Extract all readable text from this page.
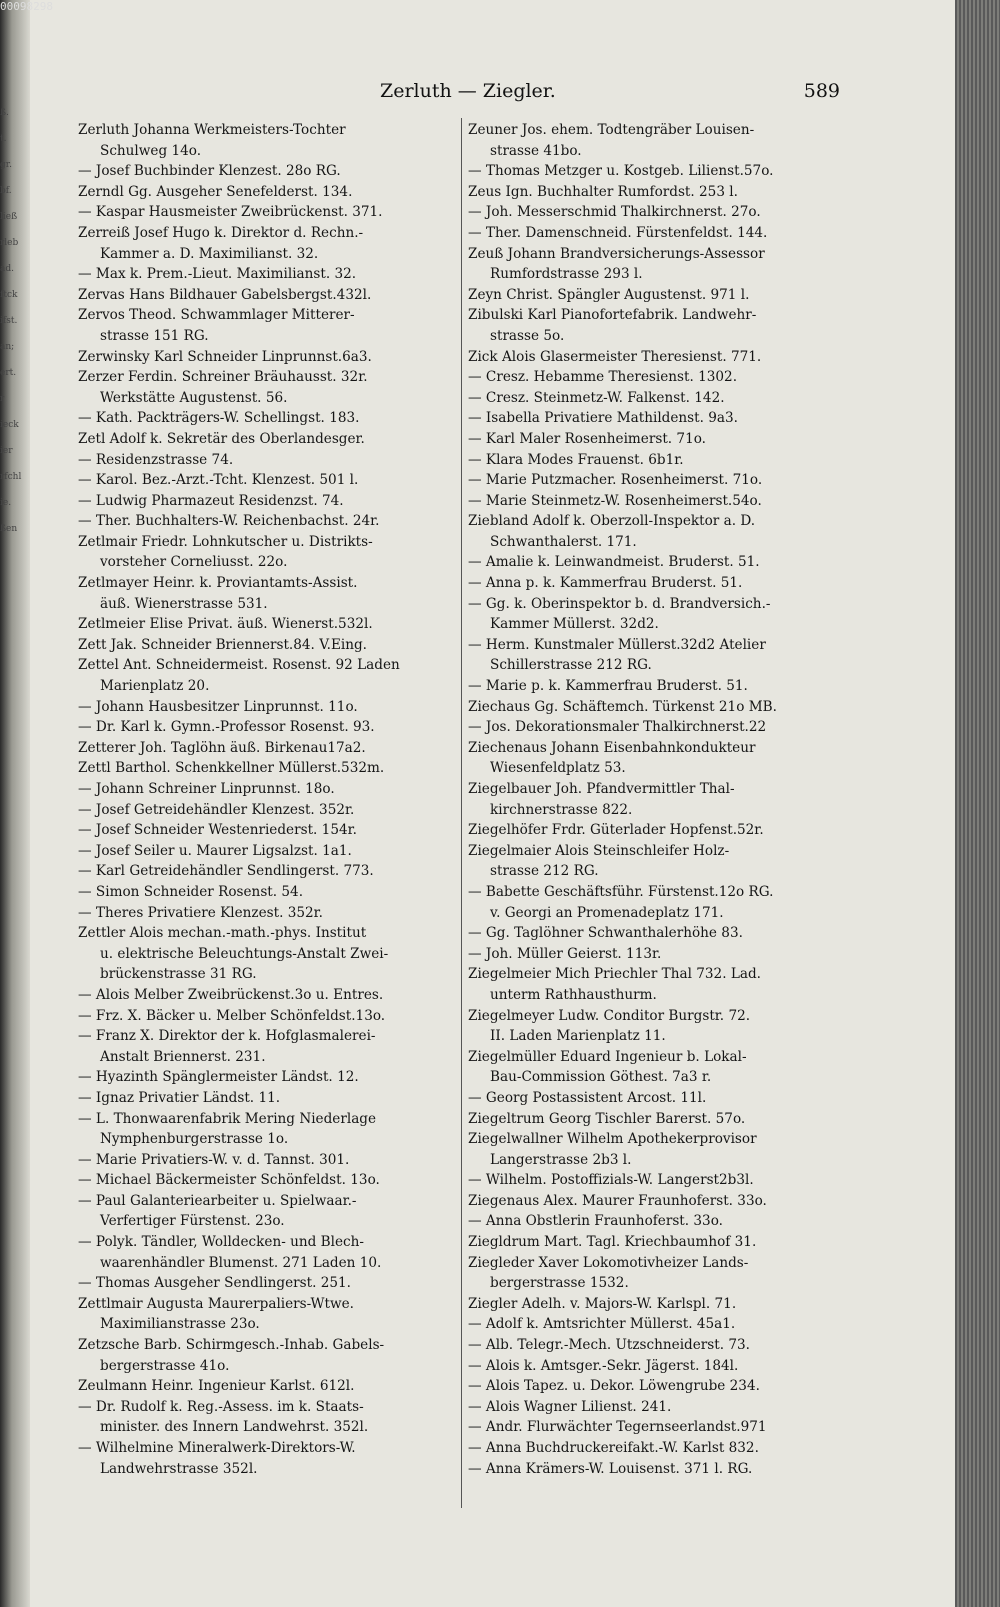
ß.
t.
gr.
bf.
ließ
rleb
ad.
ftck
ifst.
an;
ert.
r
ieck
ier
rfchl
ie.
ßen
00098298
Zerluth — Ziegler.	589
Zerluth Johanna Werkmeisters-Tochter
Schulweg 14o.
— Josef Buchbinder Klenzest. 28o RG.
Zerndl Gg. Ausgeher Senefelderst. 134.
— Kaspar Hausmeister Zweibrückenst. 371.
Zerreiß Josef Hugo k. Direktor d. Rechn.-
Kammer a. D. Maximilianst. 32.
— Max k. Prem.-Lieut. Maximilianst. 32.
Zervas Hans Bildhauer Gabelsbergst.432l.
Zervos Theod. Schwammlager Mitterer-
strasse 151 RG.
Zerwinsky Karl Schneider Linprunnst.6a3.
Zerzer Ferdin. Schreiner Bräuhausst. 32r.
Werkstätte Augustenst. 56.
— Kath. Packträgers-W. Schellingst. 183.
Zetl Adolf k. Sekretär des Oberlandesger.
— Residenzstrasse 74.
— Karol. Bez.-Arzt.-Tcht. Klenzest. 501 l.
— Ludwig Pharmazeut Residenzst. 74.
— Ther. Buchhalters-W. Reichenbachst. 24r.
Zetlmair Friedr. Lohnkutscher u. Distrikts-
vorsteher Corneliusst. 22o.
Zetlmayer Heinr. k. Proviantamts-Assist.
äuß. Wienerstrasse 531.
Zetlmeier Elise Privat. äuß. Wienerst.532l.
Zett Jak. Schneider Briennerst.84. V.Eing.
Zettel Ant. Schneidermeist. Rosenst. 92 Laden
Marienplatz 20.
— Johann Hausbesitzer Linprunnst. 11o.
— Dr. Karl k. Gymn.-Professor Rosenst. 93.
Zetterer Joh. Taglöhn äuß. Birkenau17a2.
Zettl Barthol. Schenkkellner Müllerst.532m.
— Johann Schreiner Linprunnst. 18o.
— Josef Getreidehändler Klenzest. 352r.
— Josef Schneider Westenriederst. 154r.
— Josef Seiler u. Maurer Ligsalzst. 1a1.
— Karl Getreidehändler Sendlingerst. 773.
— Simon Schneider Rosenst. 54.
— Theres Privatiere Klenzest. 352r.
Zettler Alois mechan.-math.-phys. Institut
u. elektrische Beleuchtungs-Anstalt Zwei-
brückenstrasse 31 RG.
— Alois Melber Zweibrückenst.3o u. Entres.
— Frz. X. Bäcker u. Melber Schönfeldst.13o.
— Franz X. Direktor der k. Hofglasmalerei-
Anstalt Briennerst. 231.
— Hyazinth Spänglermeister Ländst. 12.
— Ignaz Privatier Ländst. 11.
— L. Thonwaarenfabrik Mering Niederlage
Nymphenburgerstrasse 1o.
— Marie Privatiers-W. v. d. Tannst. 301.
— Michael Bäckermeister Schönfeldst. 13o.
— Paul Galanteriearbeiter u. Spielwaar.-
Verfertiger Fürstenst. 23o.
— Polyk. Tändler, Wolldecken- und Blech-
waarenhändler Blumenst. 271 Laden 10.
— Thomas Ausgeher Sendlingerst. 251.
Zettlmair Augusta Maurerpaliers-Wtwe.
Maximilianstrasse 23o.
Zetzsche Barb. Schirmgesch.-Inhab. Gabels-
bergerstrasse 41o.
Zeulmann Heinr. Ingenieur Karlst. 612l.
— Dr. Rudolf k. Reg.-Assess. im k. Staats-
minister. des Innern Landwehrst. 352l.
— Wilhelmine Mineralwerk-Direktors-W.
Landwehrstrasse 352l.
Zeuner Jos. ehem. Todtengräber Louisen-
strasse 41bo.
— Thomas Metzger u. Kostgeb. Lilienst.57o.
Zeus Ign. Buchhalter Rumfordst. 253 l.
— Joh. Messerschmid Thalkirchnerst. 27o.
— Ther. Damenschneid. Fürstenfeldst. 144.
Zeuß Johann Brandversicherungs-Assessor
Rumfordstrasse 293 l.
Zeyn Christ. Spängler Augustenst. 971 l.
Zibulski Karl Pianofortefabrik. Landwehr-
strasse 5o.
Zick Alois Glasermeister Theresienst. 771.
— Cresz. Hebamme Theresienst. 1302.
— Cresz. Steinmetz-W. Falkenst. 142.
— Isabella Privatiere Mathildenst. 9a3.
— Karl Maler Rosenheimerst. 71o.
— Klara Modes Frauenst. 6b1r.
— Marie Putzmacher. Rosenheimerst. 71o.
— Marie Steinmetz-W. Rosenheimerst.54o.
Ziebland Adolf k. Oberzoll-Inspektor a. D.
Schwanthalerst. 171.
— Amalie k. Leinwandmeist. Bruderst. 51.
— Anna p. k. Kammerfrau Bruderst. 51.
— Gg. k. Oberinspektor b. d. Brandversich.-
Kammer Müllerst. 32d2.
— Herm. Kunstmaler Müllerst.32d2 Atelier
Schillerstrasse 212 RG.
— Marie p. k. Kammerfrau Bruderst. 51.
Ziechaus Gg. Schäftemch. Türkenst 21o MB.
— Jos. Dekorationsmaler Thalkirchnerst.22
Ziechenaus Johann Eisenbahnkondukteur
Wiesenfeldplatz 53.
Ziegelbauer Joh. Pfandvermittler Thal-
kirchnerstrasse 822.
Ziegelhöfer Frdr. Güterlader Hopfenst.52r.
Ziegelmaier Alois Steinschleifer Holz-
strasse 212 RG.
— Babette Geschäftsführ. Fürstenst.12o RG.
v. Georgi an Promenadeplatz 171.
— Gg. Taglöhner Schwanthalerhöhe 83.
— Joh. Müller Geierst. 113r.
Ziegelmeier Mich Priechler Thal 732. Lad.
unterm Rathhausthurm.
Ziegelmeyer Ludw. Conditor Burgstr. 72.
II. Laden Marienplatz 11.
Ziegelmüller Eduard Ingenieur b. Lokal-
Bau-Commission Göthest. 7a3 r.
— Georg Postassistent Arcost. 11l.
Ziegeltrum Georg Tischler Barerst. 57o.
Ziegelwallner Wilhelm Apothekerprovisor
Langerstrasse 2b3 l.
— Wilhelm. Postoffizials-W. Langerst2b3l.
Ziegenaus Alex. Maurer Fraunhoferst. 33o.
— Anna Obstlerin Fraunhoferst. 33o.
Ziegldrum Mart. Tagl. Kriechbaumhof 31.
Ziegleder Xaver Lokomotivheizer Lands-
bergerstrasse 1532.
Ziegler Adelh. v. Majors-W. Karlspl. 71.
— Adolf k. Amtsrichter Müllerst. 45a1.
— Alb. Telegr.-Mech. Utzschneiderst. 73.
— Alois k. Amtsger.-Sekr. Jägerst. 184l.
— Alois Tapez. u. Dekor. Löwengrube 234.
— Alois Wagner Lilienst. 241.
— Andr. Flurwächter Tegernseerlandst.971
— Anna Buchdruckereifakt.-W. Karlst 832.
— Anna Krämers-W. Louisenst. 371 l. RG.
